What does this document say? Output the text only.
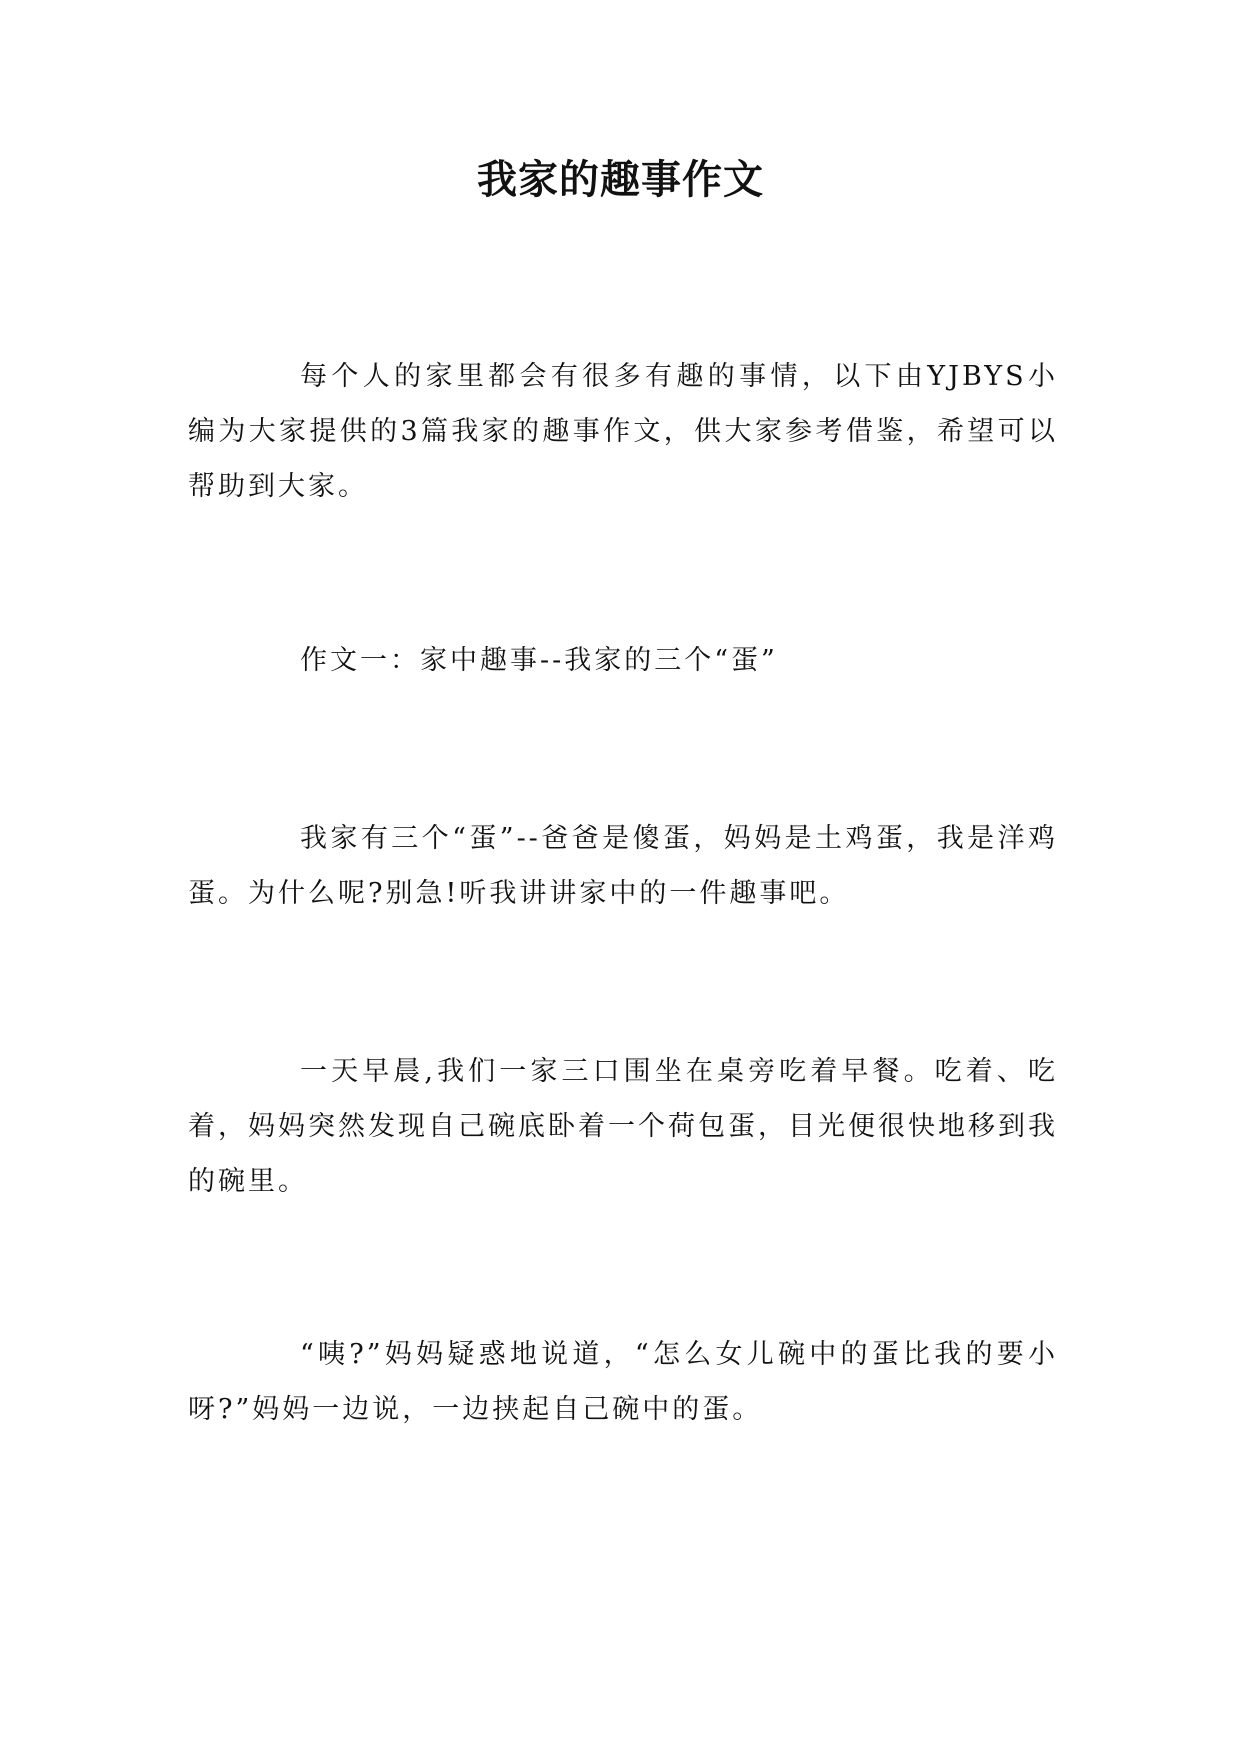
我家的趣事作文

每个人的家里都会有很多有趣的事情，以下由YJBYS小编为大家提供的3篇我家的趣事作文，供大家参考借鉴，希望可以帮助到大家。

作文一：家中趣事--我家的三个“蛋”

我家有三个“蛋”--爸爸是傻蛋，妈妈是土鸡蛋，我是洋鸡蛋。为什么呢?别急!听我讲讲家中的一件趣事吧。

一天早晨,我们一家三口围坐在桌旁吃着早餐。吃着、吃着，妈妈突然发现自己碗底卧着一个荷包蛋，目光便很快地移到我的碗里。

“咦?”妈妈疑惑地说道，“怎么女儿碗中的蛋比我的要小呀?”妈妈一边说，一边挟起自己碗中的蛋。
